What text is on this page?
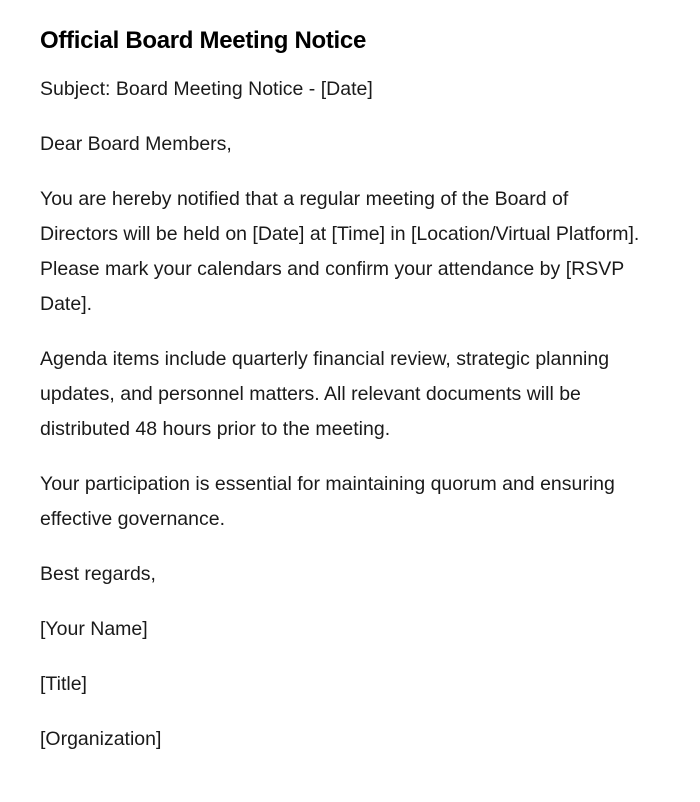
Official Board Meeting Notice

Subject: Board Meeting Notice - [Date]

Dear Board Members,

You are hereby notified that a regular meeting of the Board of Directors will be held on [Date] at [Time] in [Location/Virtual Platform]. Please mark your calendars and confirm your attendance by [RSVP Date].

Agenda items include quarterly financial review, strategic planning updates, and personnel matters. All relevant documents will be distributed 48 hours prior to the meeting.

Your participation is essential for maintaining quorum and ensuring effective governance.

Best regards,

[Your Name]

[Title]

[Organization]
